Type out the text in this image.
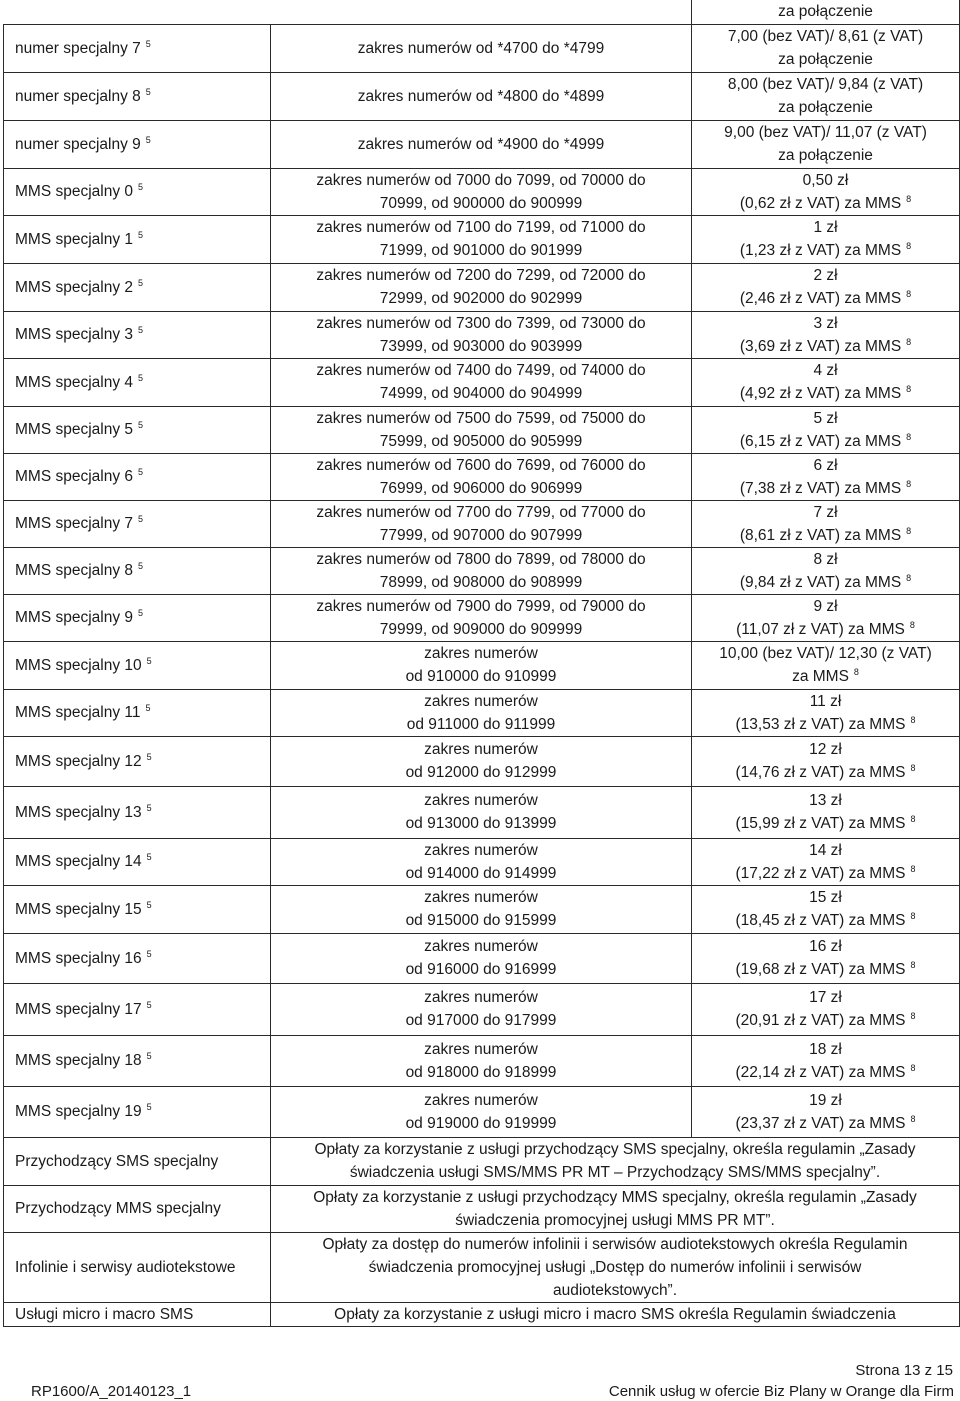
		za połączenie
numer specjalny 7 $^5$	zakres numerów od *4700 do *4799	7,00 (bez VAT)/ 8,61 (z VAT)
za połączenie

numer specjalny 8 $^5$	zakres numerów od *4800 do *4899	8,00 (bez VAT)/ 9,84 (z VAT)
za połączenie

numer specjalny 9 $^5$	zakres numerów od *4900 do *4999	9,00 (bez VAT)/ 11,07 (z VAT)
za połączenie

MMS specjalny 0 $^5$	zakres numerów od 7000 do 7099, od 70000 do
70999, od 900000 do 900999	0,50 zł
(0,62 zł z VAT) za MMS $^8$

MMS specjalny 1 $^5$	zakres numerów od 7100 do 7199, od 71000 do
71999, od 901000 do 901999	1 zł
(1,23 zł z VAT) za MMS $^8$

MMS specjalny 2 $^5$	zakres numerów od 7200 do 7299, od 72000 do
72999, od 902000 do 902999	2 zł
(2,46 zł z VAT) za MMS $^8$

MMS specjalny 3 $^5$	zakres numerów od 7300 do 7399, od 73000 do
73999, od 903000 do 903999	3 zł
(3,69 zł z VAT) za MMS $^8$

MMS specjalny 4 $^5$	zakres numerów od 7400 do 7499, od 74000 do
74999, od 904000 do 904999	4 zł
(4,92 zł z VAT) za MMS $^8$

MMS specjalny 5 $^5$	zakres numerów od 7500 do 7599, od 75000 do
75999, od 905000 do 905999	5 zł
(6,15 zł z VAT) za MMS $^8$

MMS specjalny 6 $^5$	zakres numerów od 7600 do 7699, od 76000 do
76999, od 906000 do 906999	6 zł
(7,38 zł z VAT) za MMS $^8$

MMS specjalny 7 $^5$	zakres numerów od 7700 do 7799, od 77000 do
77999, od 907000 do 907999	7 zł
(8,61 zł z VAT) za MMS $^8$

MMS specjalny 8 $^5$	zakres numerów od 7800 do 7899, od 78000 do
78999, od 908000 do 908999	8 zł
(9,84 zł z VAT) za MMS $^8$

MMS specjalny 9 $^5$	zakres numerów od 7900 do 7999, od 79000 do
79999, od 909000 do 909999	9 zł
(11,07 zł z VAT) za MMS $^8$

MMS specjalny 10 $^5$	zakres numerów
od 910000 do 910999	10,00 (bez VAT)/ 12,30 (z VAT)
za MMS $^8$

MMS specjalny 11 $^5$	zakres numerów
od 911000 do 911999	11 zł
(13,53 zł z VAT) za MMS $^8$

MMS specjalny 12 $^5$	zakres numerów
od 912000 do 912999	12 zł
(14,76 zł z VAT) za MMS $^8$

MMS specjalny 13 $^5$	zakres numerów
od 913000 do 913999	13 zł
(15,99 zł z VAT) za MMS $^8$

MMS specjalny 14 $^5$	zakres numerów
od 914000 do 914999	14 zł
(17,22 zł z VAT) za MMS $^8$

MMS specjalny 15 $^5$	zakres numerów
od 915000 do 915999	15 zł
(18,45 zł z VAT) za MMS $^8$

MMS specjalny 16 $^5$	zakres numerów
od 916000 do 916999	16 zł
(19,68 zł z VAT) za MMS $^8$

MMS specjalny 17 $^5$	zakres numerów
od 917000 do 917999	17 zł
(20,91 zł z VAT) za MMS $^8$

MMS specjalny 18 $^5$	zakres numerów
od 918000 do 918999	18 zł
(22,14 zł z VAT) za MMS $^8$

MMS specjalny 19 $^5$	zakres numerów
od 919000 do 919999	19 zł
(23,37 zł z VAT) za MMS $^8$

Przychodzący SMS specjalny	Opłaty za korzystanie z usługi przychodzący SMS specjalny, określa regulamin „Zasady
świadczenia usługi SMS/MMS PR MT – Przychodzący SMS/MMS specjalny”.	

Przychodzący MMS specjalny	Opłaty za korzystanie z usługi przychodzący MMS specjalny, określa regulamin „Zasady
świadczenia promocyjnej usługi MMS PR MT”.	

Infolinie i serwisy audiotekstowe	Opłaty za dostęp do numerów infolinii i serwisów audiotekstowych określa Regulamin
świadczenia promocyjnej usługi „Dostęp do numerów infolinii i serwisów
audiotekstowych”.	

Usługi micro i macro SMS	Opłaty za korzystanie z usługi micro i macro SMS określa Regulamin świadczenia	
Strona 13 z 15
RP1600/A_20140123_1	Cennik usług w ofercie Biz Plany w Orange dla Firm
